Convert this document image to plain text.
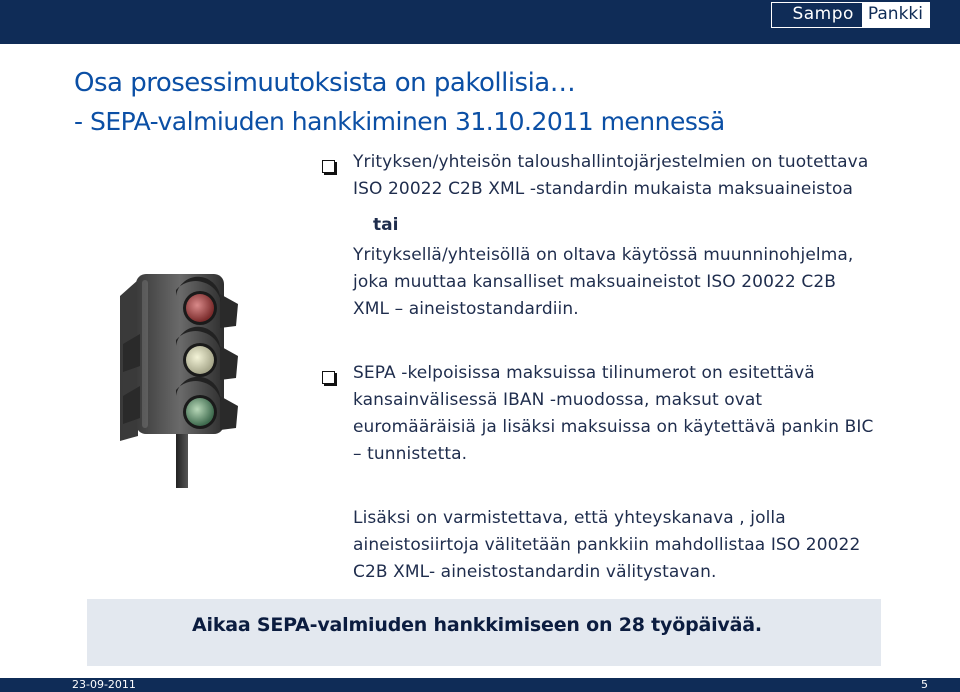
Sampo Pankki
Osa prosessimuutoksista on pakollisia…
- SEPA-valmiuden hankkiminen 31.10.2011 mennessä
Yrityksen/yhteisön taloushallintojärjestelmien on tuotettava
ISO 20022 C2B XML -standardin mukaista maksuaineistoa
tai
Yrityksellä/yhteisöllä on oltava käytössä muunninohjelma,
joka muuttaa kansalliset maksuaineistot ISO 20022 C2B
XML – aineistostandardiin.
SEPA -kelpoisissa maksuissa tilinumerot on esitettävä
kansainvälisessä IBAN -muodossa, maksut ovat
euromääräisiä ja lisäksi maksuissa on käytettävä pankin BIC
– tunnistetta.
Lisäksi on varmistettava, että yhteyskanava , jolla
aineistosiirtoja välitetään pankkiin mahdollistaa ISO 20022
C2B XML- aineistostandardin välitystavan.
Aikaa SEPA-valmiuden hankkimiseen on 28 työpäivää.
23-09-2011	5
